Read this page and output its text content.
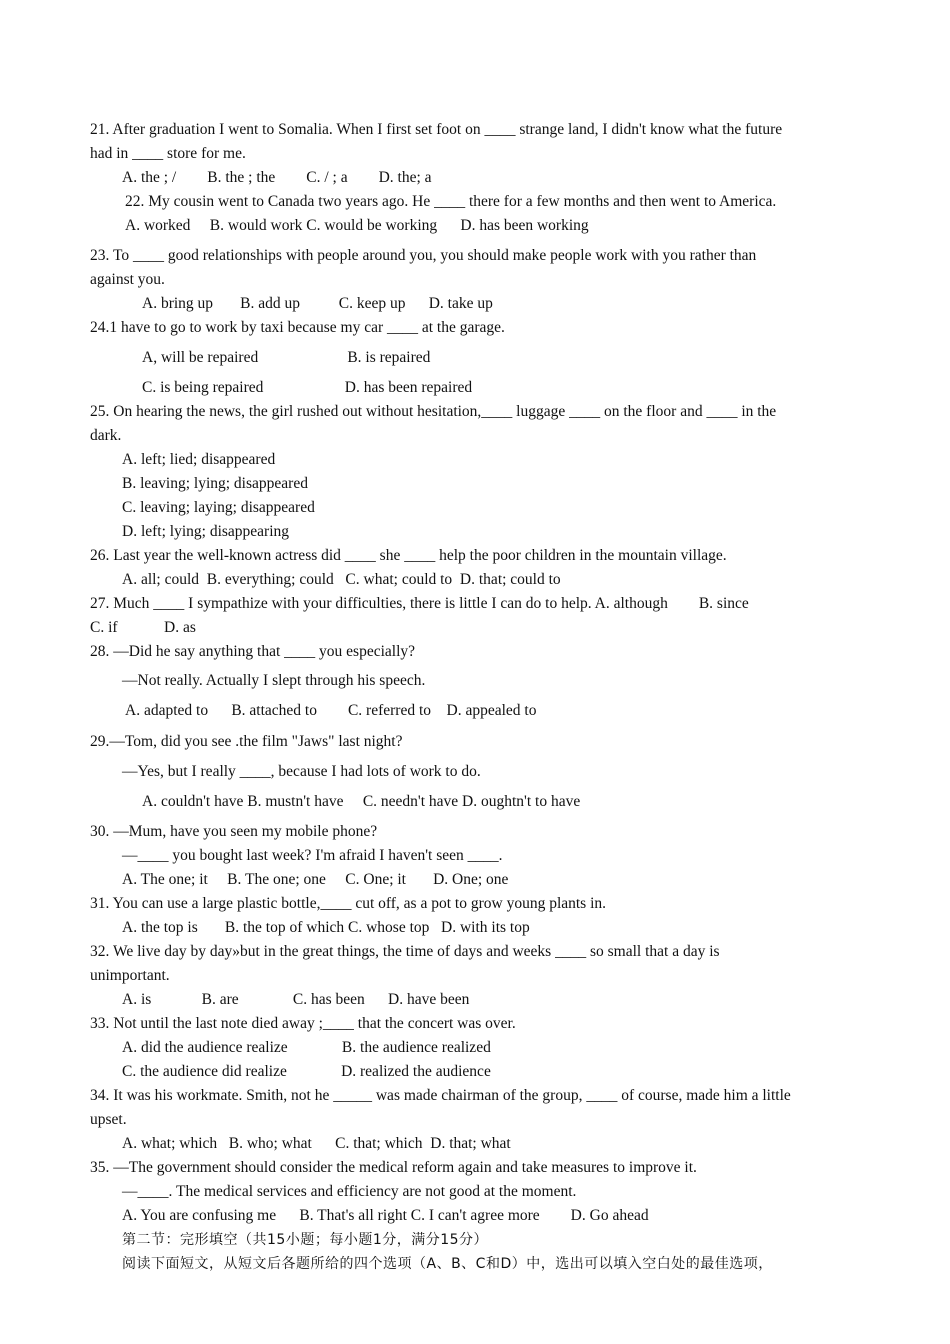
21. After graduation I went to Somalia. When I first set foot on ____ strange land, I didn't know what the future
had in ____ store for me.
A. the ; /        B. the ; the        C. / ; a        D. the; a
22. My cousin went to Canada two years ago. He ____ there for a few months and then went to America.
A. worked     B. would work C. would be working      D. has been working
23. To ____ good relationships with people around you, you should make people work with you rather than
against you.
A. bring up       B. add up          C. keep up      D. take up
24.1 have to go to work by taxi because my car ____ at the garage.
A, will be repaired                       B. is repaired
C. is being repaired                     D. has been repaired
25. On hearing the news, the girl rushed out without hesitation,____ luggage ____ on the floor and ____ in the
dark.
A. left; lied; disappeared
B. leaving; lying; disappeared
C. leaving; laying; disappeared
D. left; lying; disappearing
26. Last year the well-known actress did ____ she ____ help the poor children in the mountain village.
A. all; could  B. everything; could   C. what; could to  D. that; could to
27. Much ____ I sympathize with your difficulties, there is little I can do to help. A. although        B. since
C. if            D. as
28. —Did he say anything that ____ you especially?
—Not really. Actually I slept through his speech.
A. adapted to      B. attached to        C. referred to    D. appealed to
29.—Tom, did you see .the film "Jaws" last night?
—Yes, but I really ____, because I had lots of work to do.
A. couldn't have B. mustn't have     C. needn't have D. oughtn't to have
30. —Mum, have you seen my mobile phone?
—____ you bought last week? I'm afraid I haven't seen ____.
A. The one; it     B. The one; one     C. One; it       D. One; one
31. You can use a large plastic bottle,____ cut off, as a pot to grow young plants in.
A. the top is       B. the top of which C. whose top   D. with its top
32. We live day by day»but in the great things, the time of days and weeks ____ so small that a day is
unimportant.
A. is             B. are              C. has been      D. have been
33. Not until the last note died away ;____ that the concert was over.
A. did the audience realize              B. the audience realized
C. the audience did realize              D. realized the audience
34. It was his workmate. Smith, not he _____ was made chairman of the group, ____ of course, made him a little
upset.
A. what; which   B. who; what      C. that; which  D. that; what
35. —The government should consider the medical reform again and take measures to improve it.
—____. The medical services and efficiency are not good at the moment.
A. You are confusing me      B. That's all right C. I can't agree more        D. Go ahead
第二节：完形填空（共15小题；每小题1分，满分15分）
阅读下面短文，从短文后各题所给的四个选项（A、B、C和D）中，选出可以填入空白处的最佳选项，
